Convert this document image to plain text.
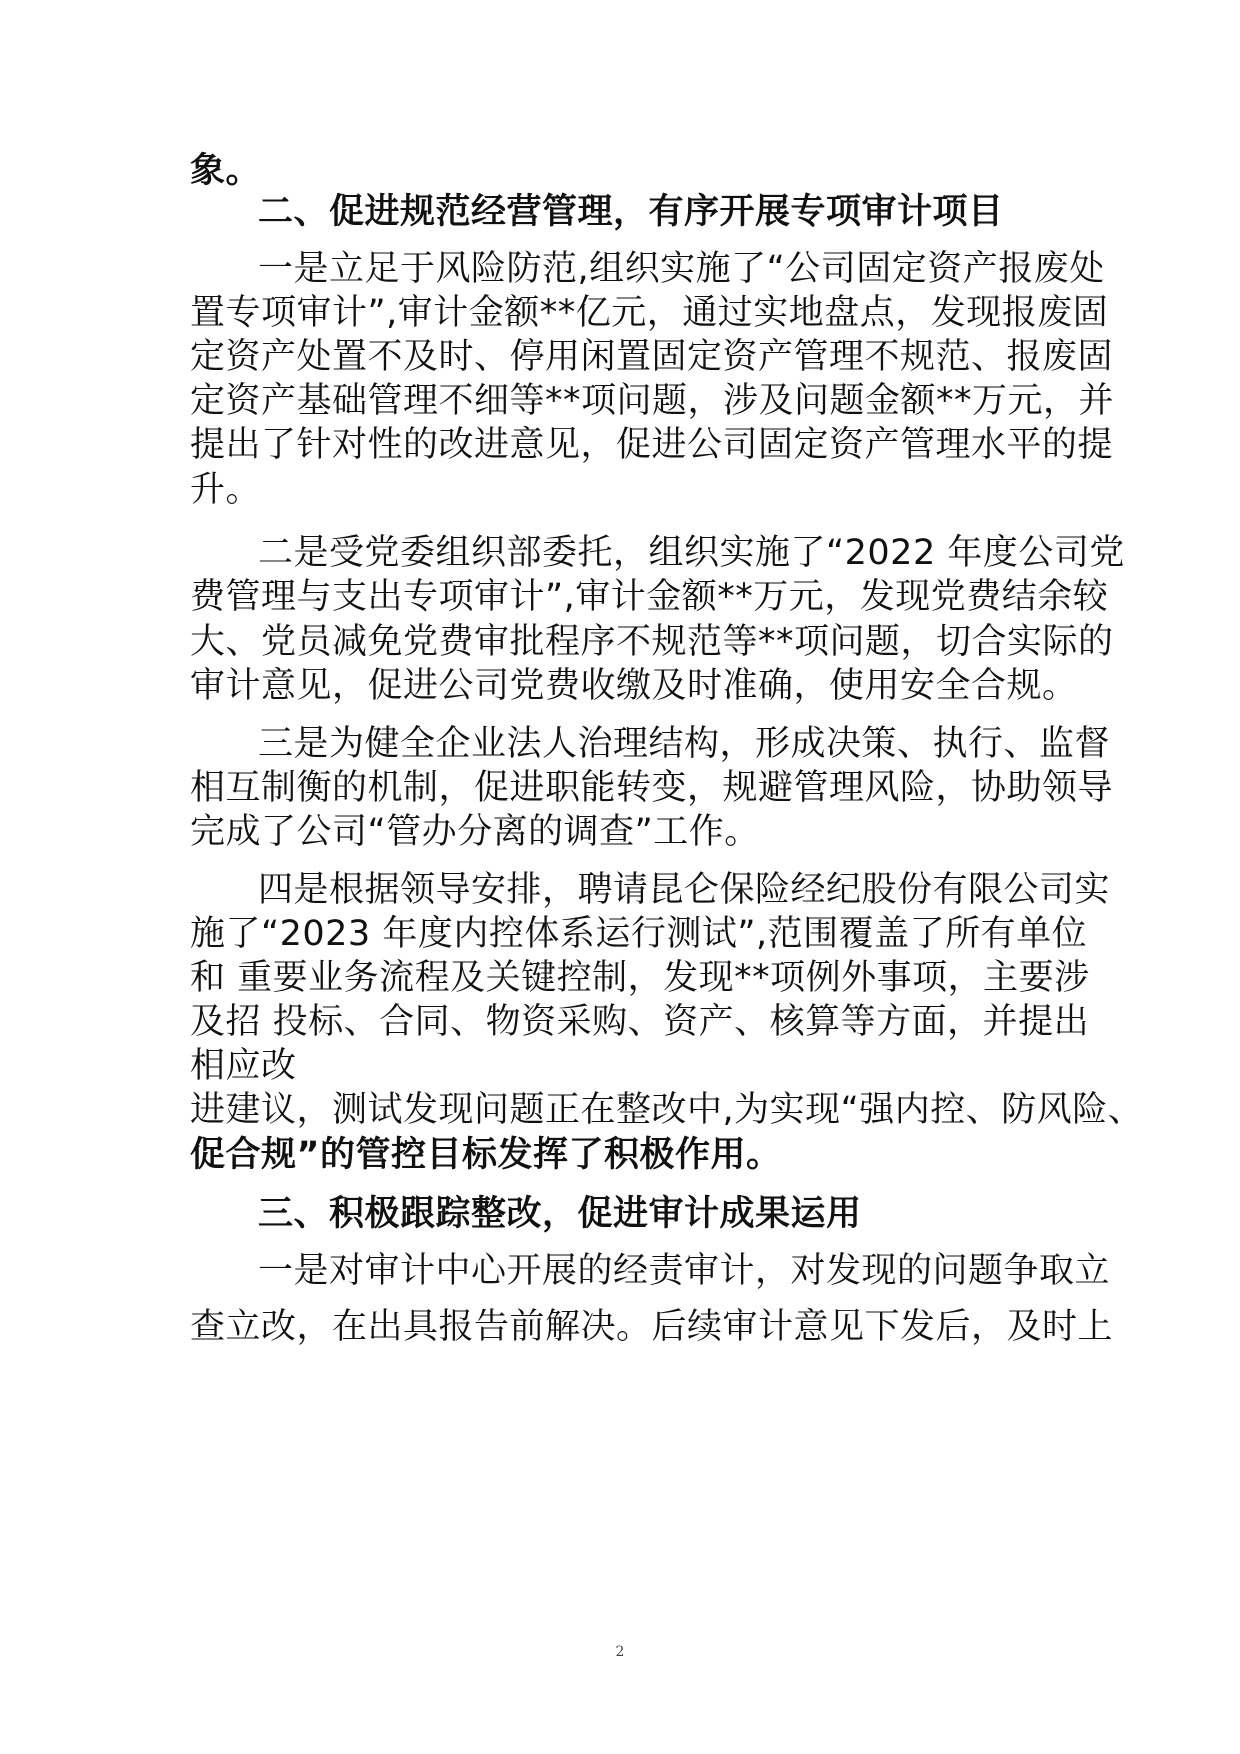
象。
二、促进规范经营管理，有序开展专项审计项目
一是立足于风险防范,组织实施了“公司固定资产报废处
置专项审计”,审计金额**亿元，通过实地盘点，发现报废固
定资产处置不及时、停用闲置固定资产管理不规范、报废固
定资产基础管理不细等**项问题，涉及问题金额**万元，并
提出了针对性的改进意见，促进公司固定资产管理水平的提
升。
二是受党委组织部委托，组织实施了“2022 年度公司党
费管理与支出专项审计”,审计金额**万元，发现党费结余较
大、党员减免党费审批程序不规范等**项问题，切合实际的
审计意见，促进公司党费收缴及时准确，使用安全合规。
三是为健全企业法人治理结构，形成决策、执行、监督
相互制衡的机制，促进职能转变，规避管理风险，协助领导
完成了公司“管办分离的调查”工作。
四是根据领导安排，聘请昆仑保险经纪股份有限公司实
施了“2023 年度内控体系运行测试”,范围覆盖了所有单位
和 重要业务流程及关键控制，发现**项例外事项，主要涉
及招 投标、合同、物资采购、资产、核算等方面，并提出
相应改
进建议，测试发现问题正在整改中,为实现“强内控、防风险、
促合规”的管控目标发挥了积极作用。
三、积极跟踪整改，促进审计成果运用
一是对审计中心开展的经责审计，对发现的问题争取立
查立改，在出具报告前解决。后续审计意见下发后，及时上
2
